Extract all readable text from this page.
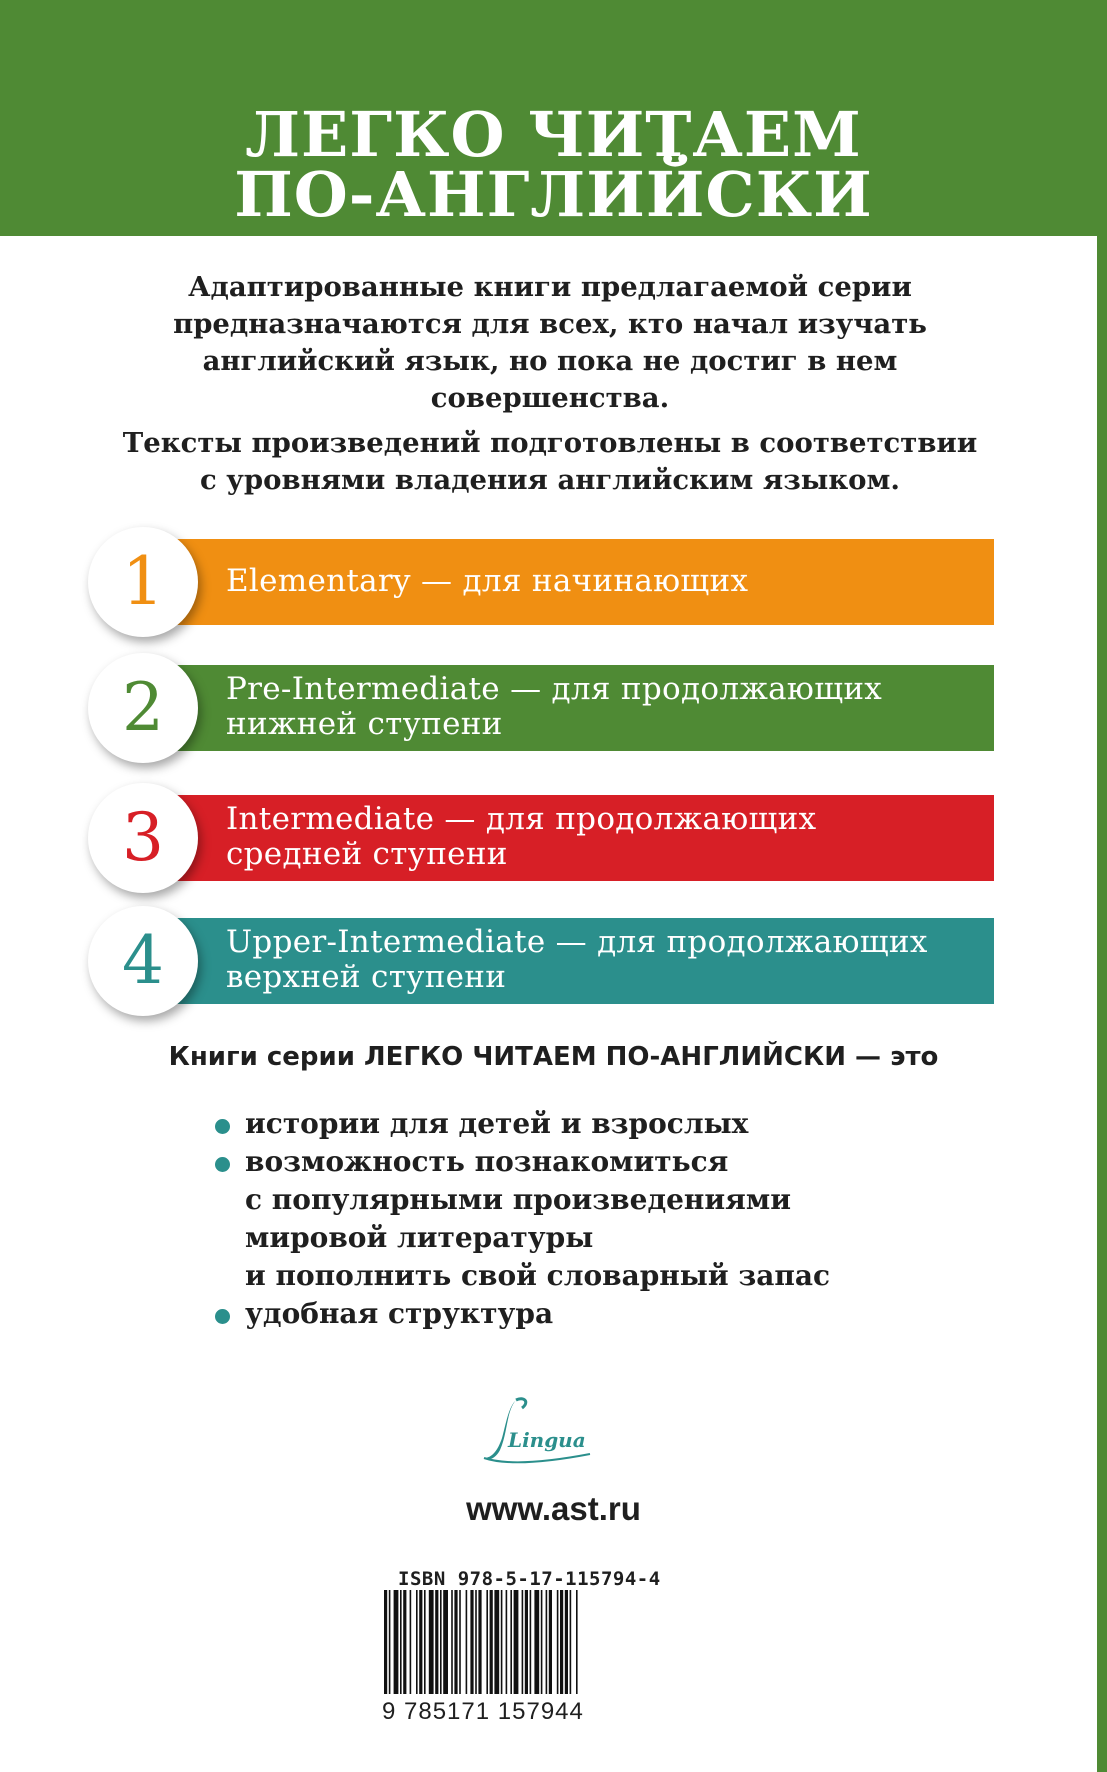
ЛЕГКО ЧИТАЕМ
ПО-АНГЛИЙСКИ
Адаптированные книги предлагаемой серии
предназначаются для всех, кто начал изучать
английский язык, но пока не достиг в нем
совершенства.
Тексты произведений подготовлены в соответствии
с уровнями владения английским языком.
1	Elementary — для начинающих
2	Pre-Intermediate — для продолжающих
нижней ступени
3	Intermediate — для продолжающих
средней ступени
4	Upper-Intermediate — для продолжающих
верхней ступени
Книги серии ЛЕГКО ЧИТАЕМ ПО-АНГЛИЙСКИ — это
истории для детей и взрослых
возможность познакомиться
с популярными произведениями
мировой литературы
и пополнить свой словарный запас
удобная структура
Lingua
www.ast.ru
ISBN 978-5-17-115794-4
9 785171 157944
